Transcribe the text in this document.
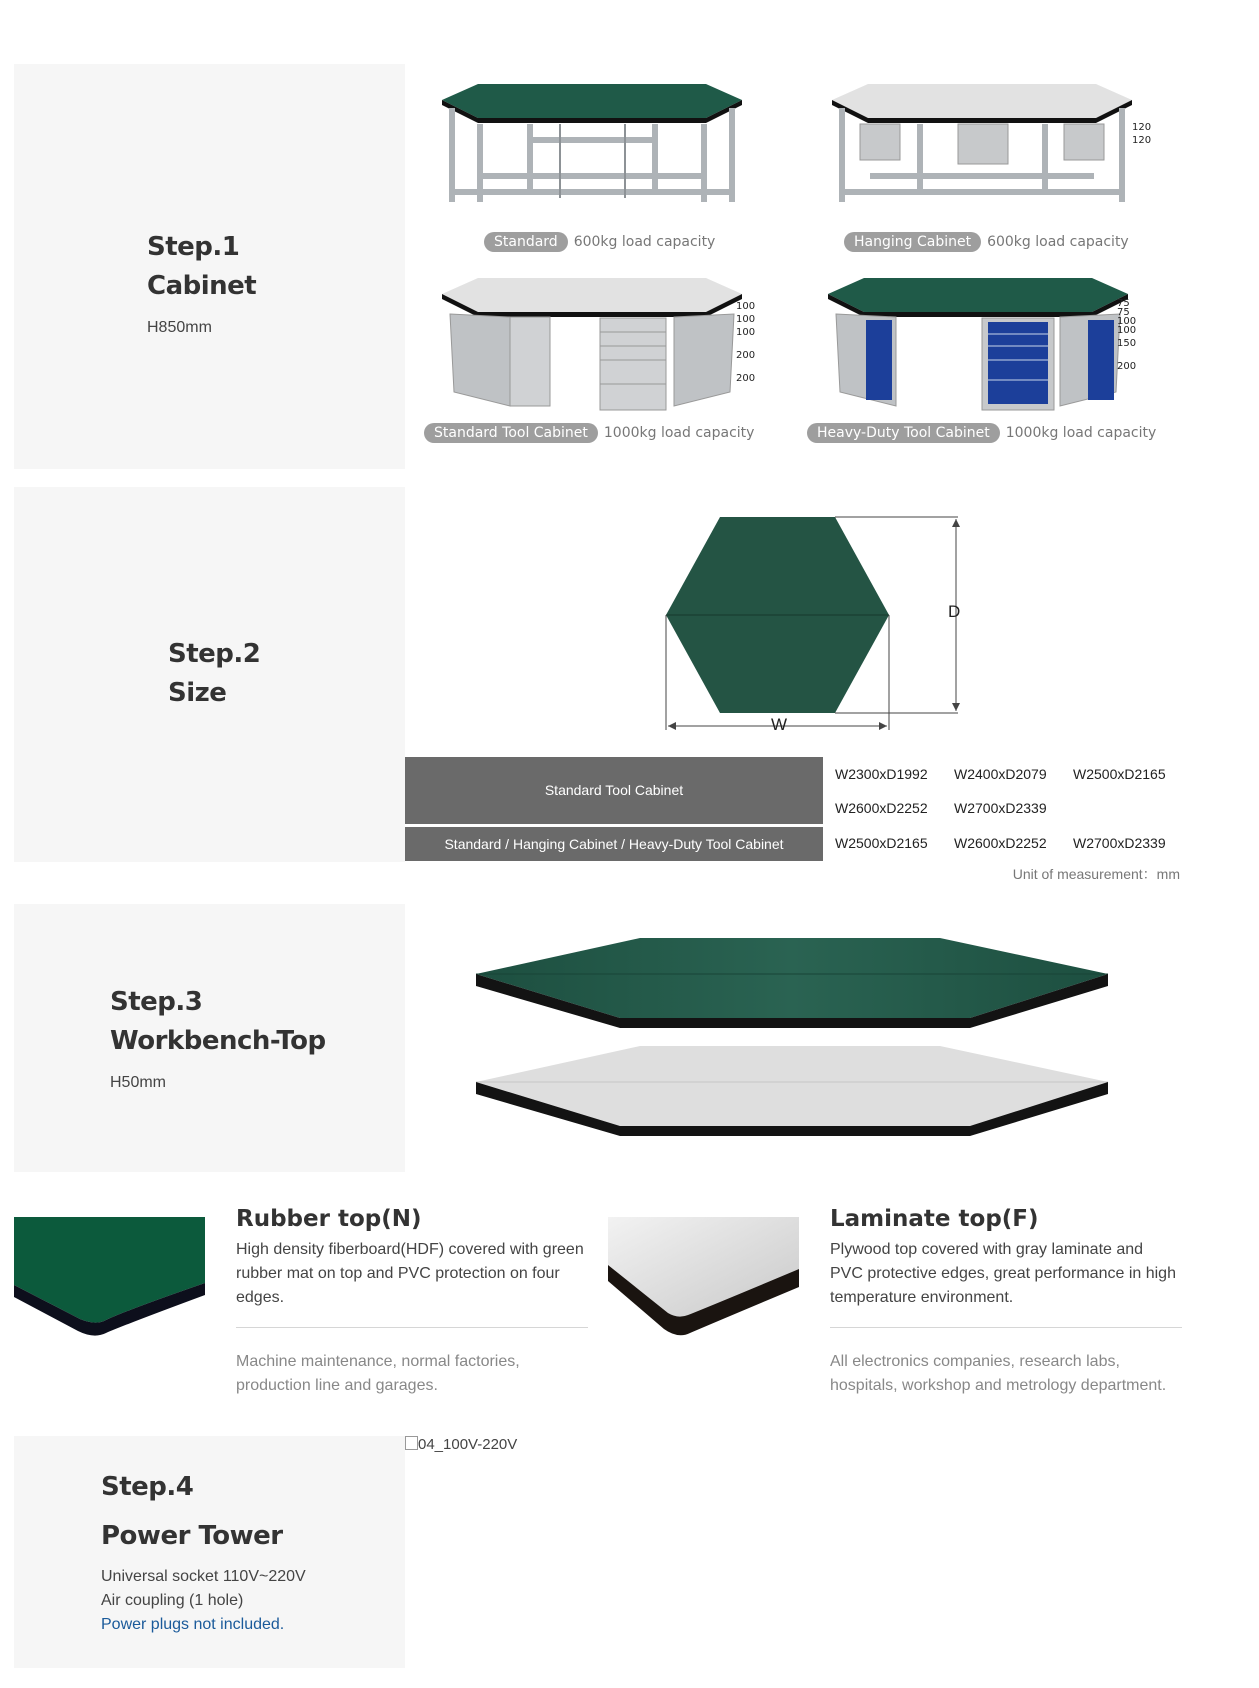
Step.1
Cabinet
H850mm
Standard 600kg load capacity
120
120
Hanging Cabinet 600kg load capacity
100
100
100
200
200
Standard Tool Cabinet 1000kg load capacity
75
75
100
100
150
200
Heavy-Duty Tool Cabinet 1000kg load capacity
Step.2
Size
D
W
Standard Tool Cabinet	W2300xD1992	W2400xD2079	W2500xD2165
	W2600xD2252	W2700xD2339	
Standard / Hanging Cabinet / Heavy-Duty Tool Cabinet	W2500xD2165	W2600xD2252	W2700xD2339
Unit of measurement：mm
Step.3
Workbench-Top
H50mm
Rubber top(N)
High density fiberboard(HDF) covered with green rubber mat on top and PVC protection on four edges.
Machine maintenance, normal factories, production line and garages.
Laminate top(F)
Plywood top covered with gray laminate and PVC protective edges, great performance in high temperature environment.
All electronics companies, research labs, hospitals, workshop and metrology department.
Step.4
Power Tower
Universal socket 110V~220V
Air coupling (1 hole)
Power plugs not included.
04_100V-220V
